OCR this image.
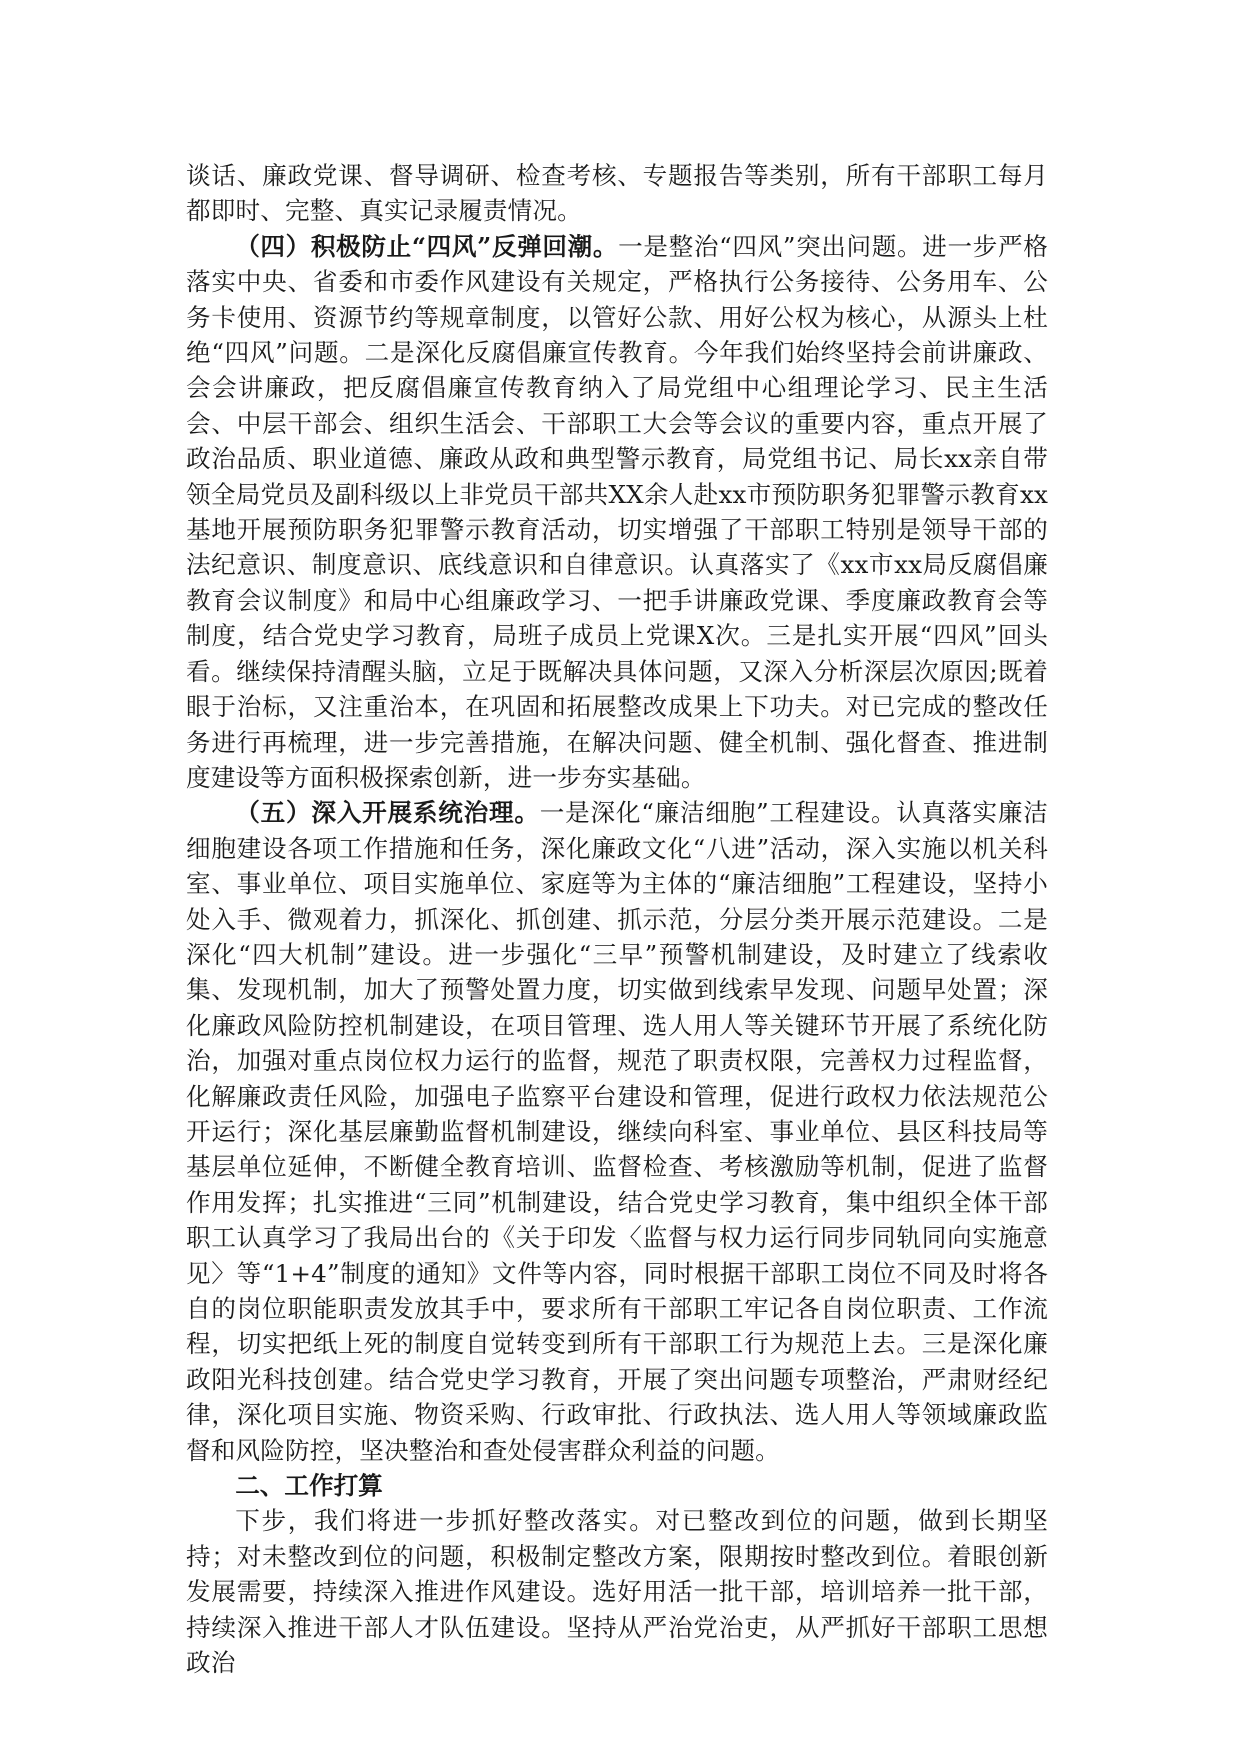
谈话、廉政党课、督导调研、检查考核、专题报告等类别，所有干部职工每月都即时、完整、真实记录履责情况。

（四）积极防止“四风”反弹回潮。一是整治“四风”突出问题。进一步严格落实中央、省委和市委作风建设有关规定，严格执行公务接待、公务用车、公务卡使用、资源节约等规章制度，以管好公款、用好公权为核心，从源头上杜绝“四风”问题。二是深化反腐倡廉宣传教育。今年我们始终坚持会前讲廉政、会会讲廉政，把反腐倡廉宣传教育纳入了局党组中心组理论学习、民主生活会、中层干部会、组织生活会、干部职工大会等会议的重要内容，重点开展了政治品质、职业道德、廉政从政和典型警示教育，局党组书记、局长xx亲自带领全局党员及副科级以上非党员干部共XX余人赴xx市预防职务犯罪警示教育xx基地开展预防职务犯罪警示教育活动，切实增强了干部职工特别是领导干部的法纪意识、制度意识、底线意识和自律意识。认真落实了《xx市xx局反腐倡廉教育会议制度》和局中心组廉政学习、一把手讲廉政党课、季度廉政教育会等制度，结合党史学习教育，局班子成员上党课X次。三是扎实开展“四风”回头看。继续保持清醒头脑，立足于既解决具体问题，又深入分析深层次原因;既着眼于治标，又注重治本，在巩固和拓展整改成果上下功夫。对已完成的整改任务进行再梳理，进一步完善措施，在解决问题、健全机制、强化督查、推进制度建设等方面积极探索创新，进一步夯实基础。

（五）深入开展系统治理。一是深化“廉洁细胞”工程建设。认真落实廉洁细胞建设各项工作措施和任务，深化廉政文化“八进”活动，深入实施以机关科室、事业单位、项目实施单位、家庭等为主体的“廉洁细胞”工程建设，坚持小处入手、微观着力，抓深化、抓创建、抓示范，分层分类开展示范建设。二是深化“四大机制”建设。进一步强化“三早”预警机制建设，及时建立了线索收集、发现机制，加大了预警处置力度，切实做到线索早发现、问题早处置；深化廉政风险防控机制建设，在项目管理、选人用人等关键环节开展了系统化防治，加强对重点岗位权力运行的监督，规范了职责权限，完善权力过程监督，化解廉政责任风险，加强电子监察平台建设和管理，促进行政权力依法规范公开运行；深化基层廉勤监督机制建设，继续向科室、事业单位、县区科技局等基层单位延伸，不断健全教育培训、监督检查、考核激励等机制，促进了监督作用发挥；扎实推进“三同”机制建设，结合党史学习教育，集中组织全体干部职工认真学习了我局出台的《关于印发〈监督与权力运行同步同轨同向实施意见〉等“1+4”制度的通知》文件等内容，同时根据干部职工岗位不同及时将各自的岗位职能职责发放其手中，要求所有干部职工牢记各自岗位职责、工作流程，切实把纸上死的制度自觉转变到所有干部职工行为规范上去。三是深化廉政阳光科技创建。结合党史学习教育，开展了突出问题专项整治，严肃财经纪律，深化项目实施、物资采购、行政审批、行政执法、选人用人等领域廉政监督和风险防控，坚决整治和查处侵害群众利益的问题。

二、工作打算

下步，我们将进一步抓好整改落实。对已整改到位的问题，做到长期坚持；对未整改到位的问题，积极制定整改方案，限期按时整改到位。着眼创新发展需要，持续深入推进作风建设。选好用活一批干部，培训培养一批干部，持续深入推进干部人才队伍建设。坚持从严治党治吏，从严抓好干部职工思想政治
